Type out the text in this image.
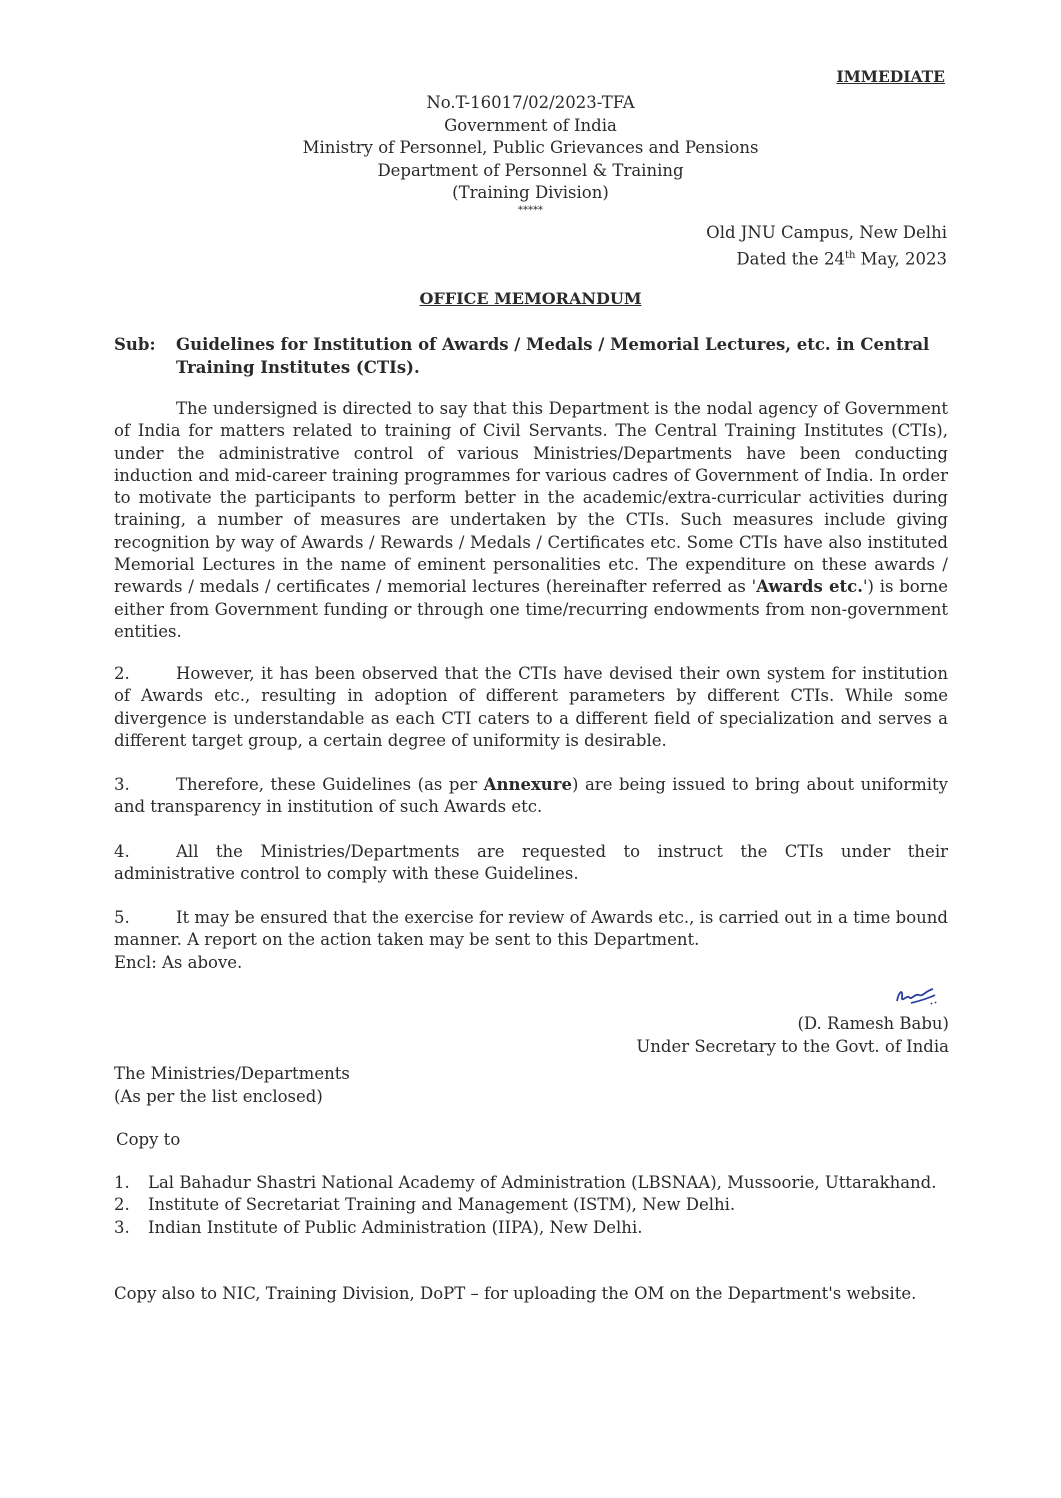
IMMEDIATE
No.T-16017/02/2023-TFA
Government of India
Ministry of Personnel, Public Grievances and Pensions
Department of Personnel & Training
(Training Division)
*****
Old JNU Campus, New Delhi
Dated the 24th May, 2023
OFFICE MEMORANDUM
Sub:	Guidelines for Institution of Awards / Medals / Memorial Lectures, etc. in Central Training Institutes (CTIs).
The undersigned is directed to say that this Department is the nodal agency of Government of India for matters related to training of Civil Servants. The Central Training Institutes (CTIs), under the administrative control of various Ministries/Departments have been conducting induction and mid-career training programmes for various cadres of Government of India. In order to motivate the participants to perform better in the academic/extra-curricular activities during training, a number of measures are undertaken by the CTIs. Such measures include giving recognition by way of Awards / Rewards / Medals / Certificates etc. Some CTIs have also instituted Memorial Lectures in the name of eminent personalities etc. The expenditure on these awards / rewards / medals / certificates / memorial lectures (hereinafter referred as 'Awards etc.') is borne either from Government funding or through one time/recurring endowments from non-government entities.
2.	However, it has been observed that the CTIs have devised their own system for institution of Awards etc., resulting in adoption of different parameters by different CTIs. While some divergence is understandable as each CTI caters to a different field of specialization and serves a different target group, a certain degree of uniformity is desirable.
3.	Therefore, these Guidelines (as per Annexure) are being issued to bring about uniformity and transparency in institution of such Awards etc.
4.	All the Ministries/Departments are requested to instruct the CTIs under their administrative control to comply with these Guidelines.
5.	It may be ensured that the exercise for review of Awards etc., is carried out in a time bound manner. A report on the action taken may be sent to this Department.
Encl: As above.
(D. Ramesh Babu)
Under Secretary to the Govt. of India
The Ministries/Departments
(As per the list enclosed)
Copy to
1.	Lal Bahadur Shastri National Academy of Administration (LBSNAA), Mussoorie, Uttarakhand.
2.	Institute of Secretariat Training and Management (ISTM), New Delhi.
3.	Indian Institute of Public Administration (IIPA), New Delhi.
Copy also to NIC, Training Division, DoPT – for uploading the OM on the Department's website.
